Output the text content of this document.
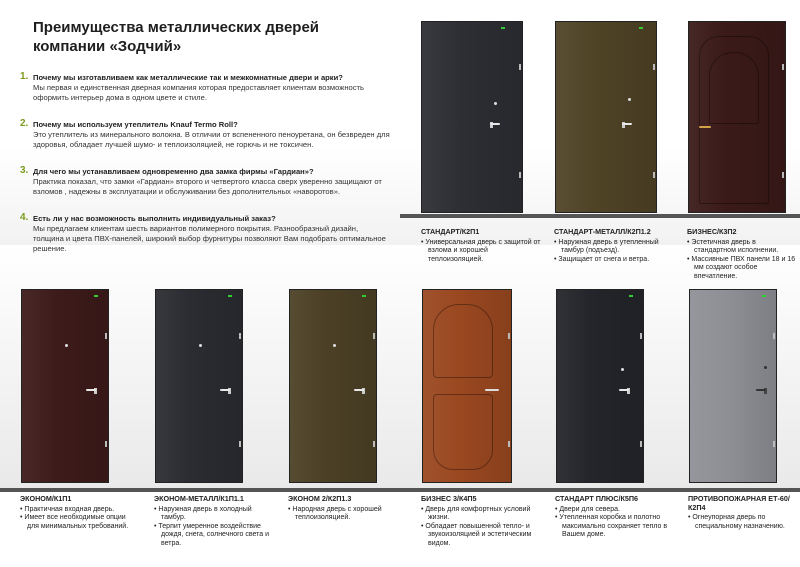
Преимущества металлических дверей
компании «Зодчий»
1. Почему мы изготавливаем как металлические так и межкомнатные двери и арки?
Мы первая и единственная дверная компания которая предоставляет клиентам возможность оформить интерьер дома в одном цвете и стиле.
2. Почему мы используем утеплитель Knauf Termo Roll?
Это утеплитель из минерального волокна. В отличии от вспененного пеноуретана, он безвреден для здоровья, обладает лучшей шумо- и теплоизоляцией, не горючь и не токсичен.
3. Для чего мы устанавливаем одновременно два замка фирмы «Гардиан»?
Практика показал, что замки «Гардиан» второго и четвертого класса сверх уверенно защищают от взломов , надежны в эксплуатации и обслуживании без дополнительных «наворотов».
4. Есть ли у нас возможность выполнить индивидуальный заказ?
Мы предлагаем клиентам шесть вариантов полимерного покрытия. Разнообразный дизайн, толщина и цвета ПВХ-панелей, широкий выбор фурнитуры позволяют Вам подобрать оптимальное решение.
СТАНДАРТ/К2П1
• Универсальная дверь с защитой от взлома и хорошей теплоизоляцией.
СТАНДАРТ-МЕТАЛЛ/К2П1.2
• Наружная дверь в утепленный тамбур (подъезд).
• Защищает от снега и ветра.
БИЗНЕС/К3П2
• Эстетичная дверь в стандартном исполнении.
• Массивные ПВХ панели 18 и 16 мм создают особое впечатление.
ЭКОНОМ/К1П1
• Практичная входная дверь.
• Имеет все необходимые опции для минимальных требований.
ЭКОНОМ-МЕТАЛЛ/К1П1.1
• Наружная дверь в холодный тамбур.
• Терпит умеренное воздействие дождя, снега, солнечного света и ветра.
ЭКОНОМ 2/К2П1.3
• Народная дверь с хорошей теплоизоляцией.
БИЗНЕС 3/К4П5
• Дверь для комфортных условий жизни.
• Обладает повышенной тепло- и звукоизоляцией и эстетическим видом.
СТАНДАРТ ПЛЮС/К5П6
• Двери для севера.
• Утепленная коробка и полотно максимально сохраняет тепло в Вашем доме.
ПРОТИВОПОЖАРНАЯ ЕТ-60/К2П4
• Огнеупорная дверь по специальному назначению.
